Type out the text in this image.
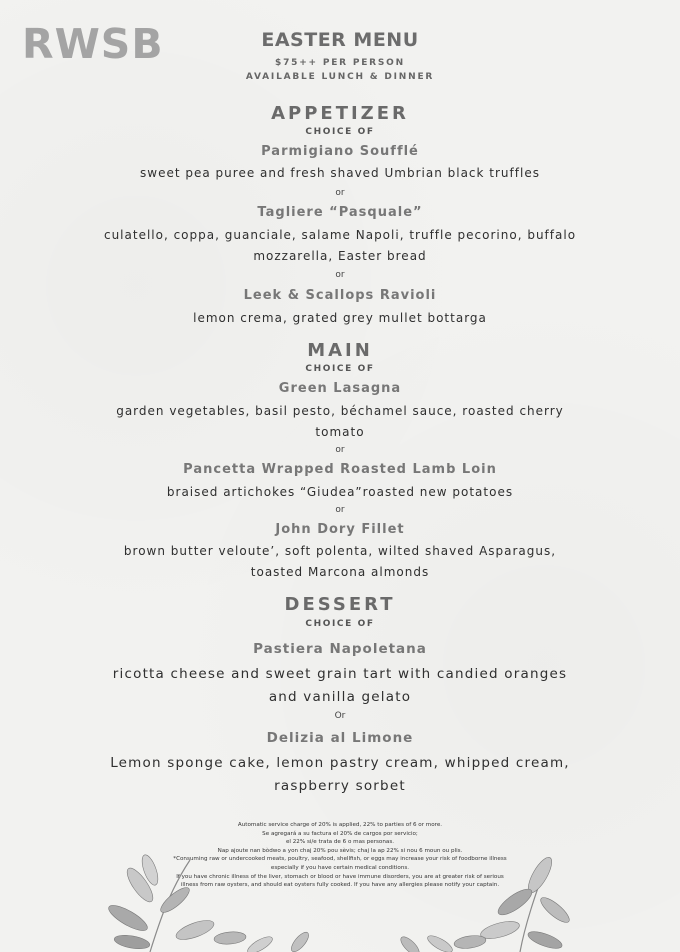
RWSB	EASTER MENU
$75++ PER PERSON
AVAILABLE LUNCH & DINNER
APPETIZER
CHOICE OF
Parmigiano Soufflé
sweet pea puree and fresh shaved Umbrian black truffles
or
Tagliere “Pasquale”
culatello, coppa, guanciale, salame Napoli, truffle pecorino, buffalo
mozzarella, Easter bread
or
Leek & Scallops Ravioli
lemon crema, grated grey mullet bottarga
MAIN
CHOICE OF
Green Lasagna
garden vegetables, basil pesto, béchamel sauce, roasted cherry
tomato
or
Pancetta Wrapped Roasted Lamb Loin
braised artichokes “Giudea”roasted new potatoes
or
John Dory Fillet
brown butter veloute’, soft polenta, wilted shaved Asparagus,
toasted Marcona almonds
DESSERT
CHOICE OF
Pastiera Napoletana
ricotta cheese and sweet grain tart with candied oranges
and vanilla gelato
Or
Delizia al Limone
Lemon sponge cake, lemon pastry cream, whipped cream,
raspberry sorbet
Automatic service charge of 20% is applied, 22% to parties of 6 or more.
Se agregará a su factura el 20% de cargos por servicio;
el 22% si/e trata de 6 o mas personas.
Nap ajoute nan bòdwo a yon chaj 20% pou sèvis; chaj la ap 22% si nou 6 moun ou plis.
*Consuming raw or undercooked meats, poultry, seafood, shellfish, or eggs may increase your risk of foodborne illness
especially if you have certain medical conditions.
If you have chronic illness of the liver, stomach or blood or have immune disorders, you are at greater risk of serious
illness from raw oysters, and should eat oysters fully cooked. If you have any allergies please notify your captain.
